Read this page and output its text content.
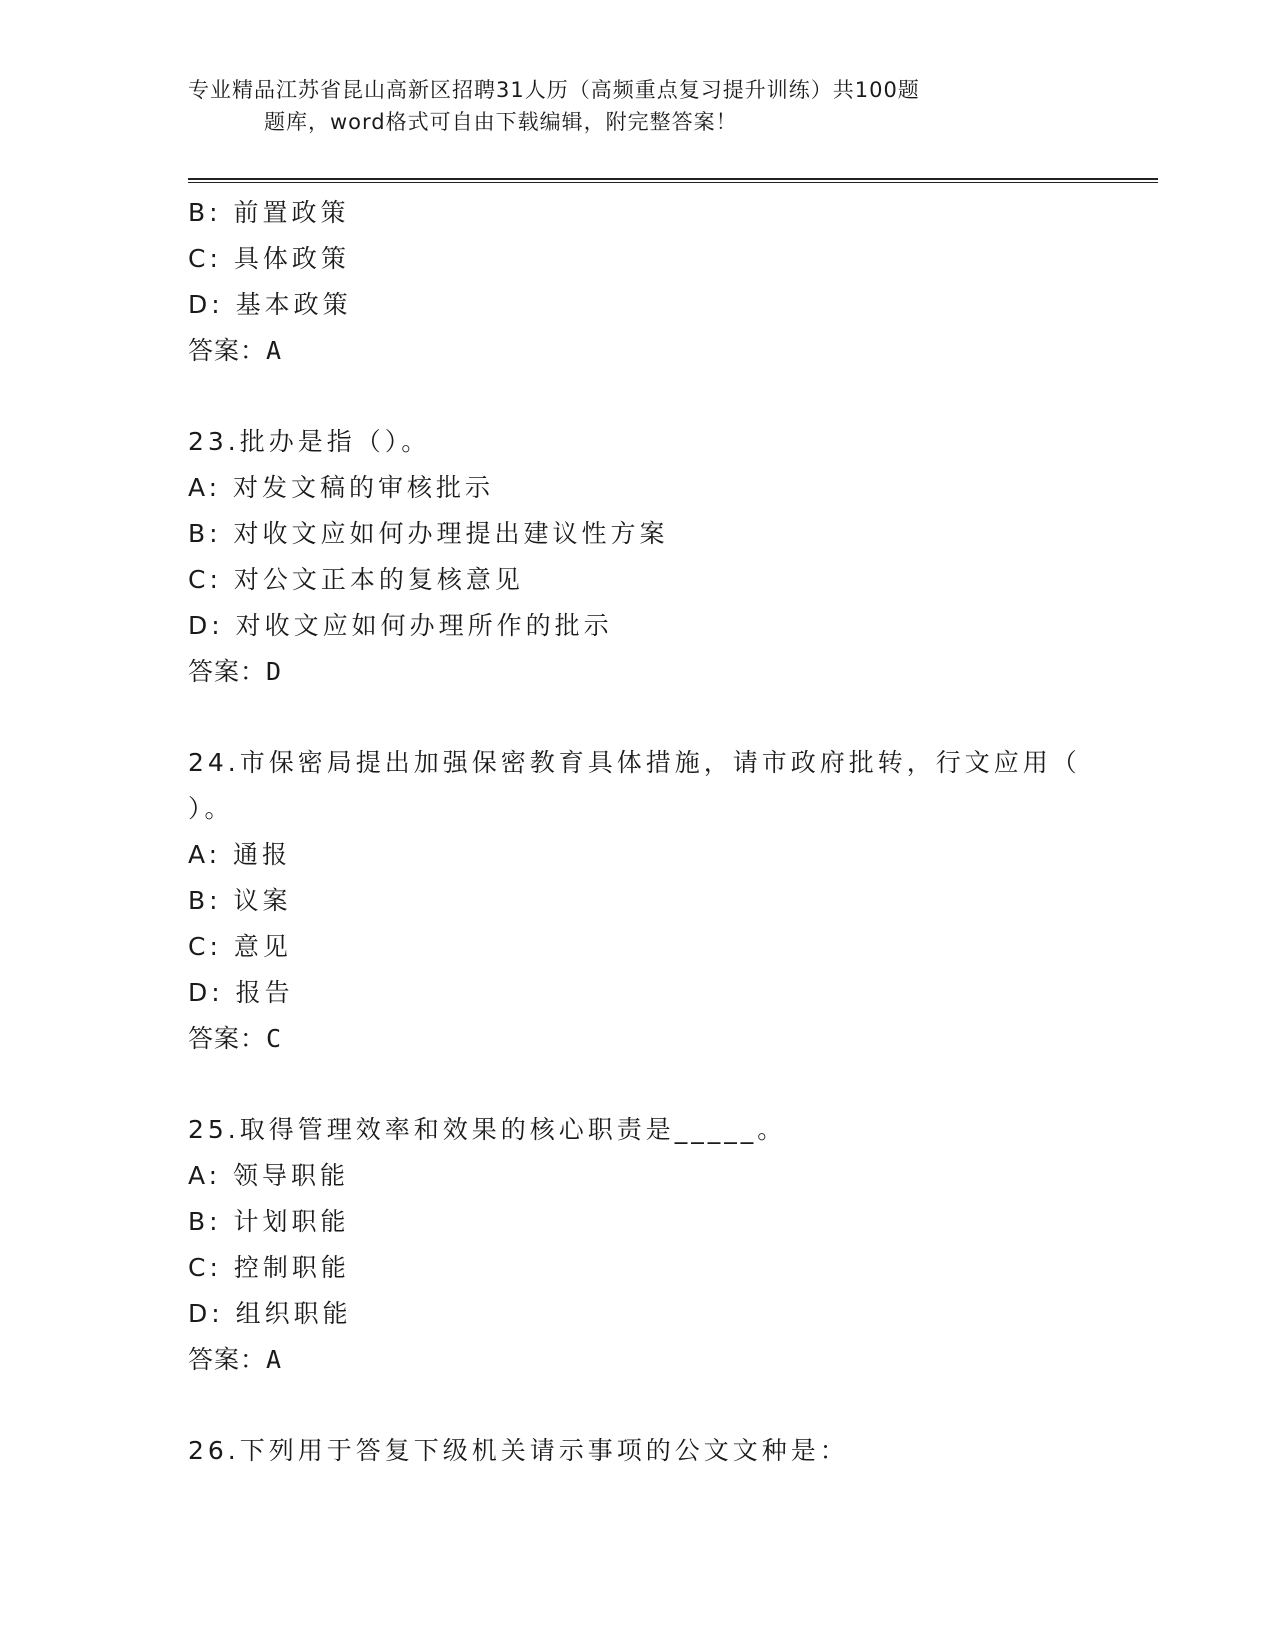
专业精品江苏省昆山高新区招聘31人历（高频重点复习提升训练）共100题
题库，word格式可自由下载编辑，附完整答案！
B: 前置政策
C: 具体政策
D: 基本政策
答案：A
23.批办是指（）。
A: 对发文稿的审核批示
B: 对收文应如何办理提出建议性方案
C: 对公文正本的复核意见
D: 对收文应如何办理所作的批示
答案：D
24.市保密局提出加强保密教育具体措施，请市政府批转，行文应用（
）。
A: 通报
B: 议案
C: 意见
D: 报告
答案：C
25.取得管理效率和效果的核心职责是_____。
A: 领导职能
B: 计划职能
C: 控制职能
D: 组织职能
答案：A
26.下列用于答复下级机关请示事项的公文文种是：
